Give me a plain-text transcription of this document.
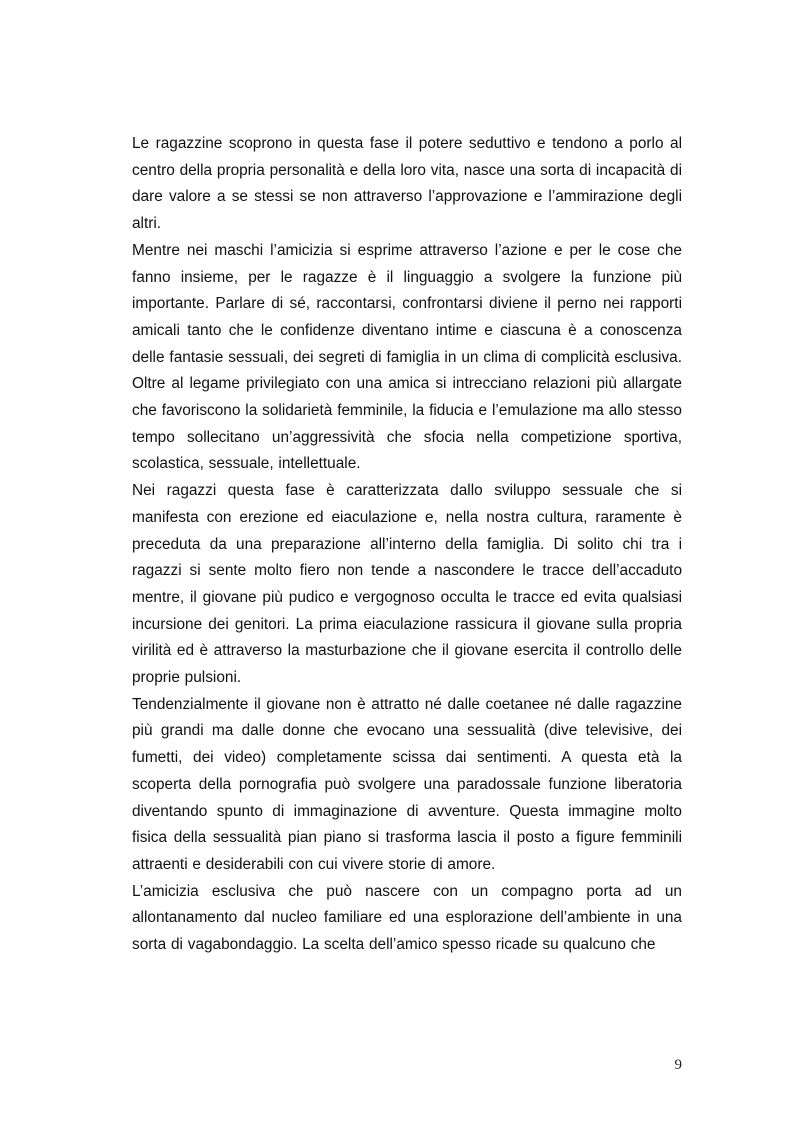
Le ragazzine scoprono in questa fase il potere seduttivo e tendono a porlo al centro della propria personalità e della loro vita, nasce una sorta di incapacità di dare valore a se stessi se non attraverso l’approvazione e l’ammirazione degli altri.

Mentre nei maschi l’amicizia si esprime attraverso l’azione e per le cose che fanno insieme, per le ragazze è il linguaggio a svolgere la funzione più importante. Parlare di sé, raccontarsi, confrontarsi diviene il perno nei rapporti amicali tanto che le confidenze diventano intime e ciascuna è a conoscenza delle fantasie sessuali, dei segreti di famiglia in un clima di complicità esclusiva. Oltre al legame privilegiato con una amica si intrecciano relazioni più allargate che favoriscono la solidarietà femminile, la fiducia e l’emulazione ma allo stesso tempo sollecitano un’aggressività che sfocia nella competizione sportiva, scolastica, sessuale, intellettuale.

Nei ragazzi questa fase è caratterizzata dallo sviluppo sessuale che si manifesta con erezione ed eiaculazione e, nella nostra cultura, raramente è preceduta da una preparazione all’interno della famiglia. Di solito chi tra i ragazzi si sente molto fiero non tende a nascondere le tracce dell’accaduto mentre, il giovane più pudico e vergognoso occulta le tracce ed evita qualsiasi incursione dei genitori. La prima eiaculazione rassicura il giovane sulla propria virilità ed è attraverso la masturbazione che il giovane esercita il controllo delle proprie pulsioni.

Tendenzialmente il giovane non è attratto né dalle coetanee né dalle ragazzine più grandi ma dalle donne che evocano una sessualità (dive televisive, dei fumetti, dei video) completamente scissa dai sentimenti. A questa età la scoperta della pornografia può svolgere una paradossale funzione liberatoria diventando spunto di immaginazione di avventure. Questa immagine molto fisica della sessualità pian piano si trasforma lascia il posto a figure femminili attraenti e desiderabili con cui vivere storie di amore.

L’amicizia esclusiva che può nascere con un compagno porta ad un allontanamento dal nucleo familiare ed una esplorazione dell’ambiente in una sorta di vagabondaggio. La scelta dell’amico spesso ricade su qualcuno che

9
